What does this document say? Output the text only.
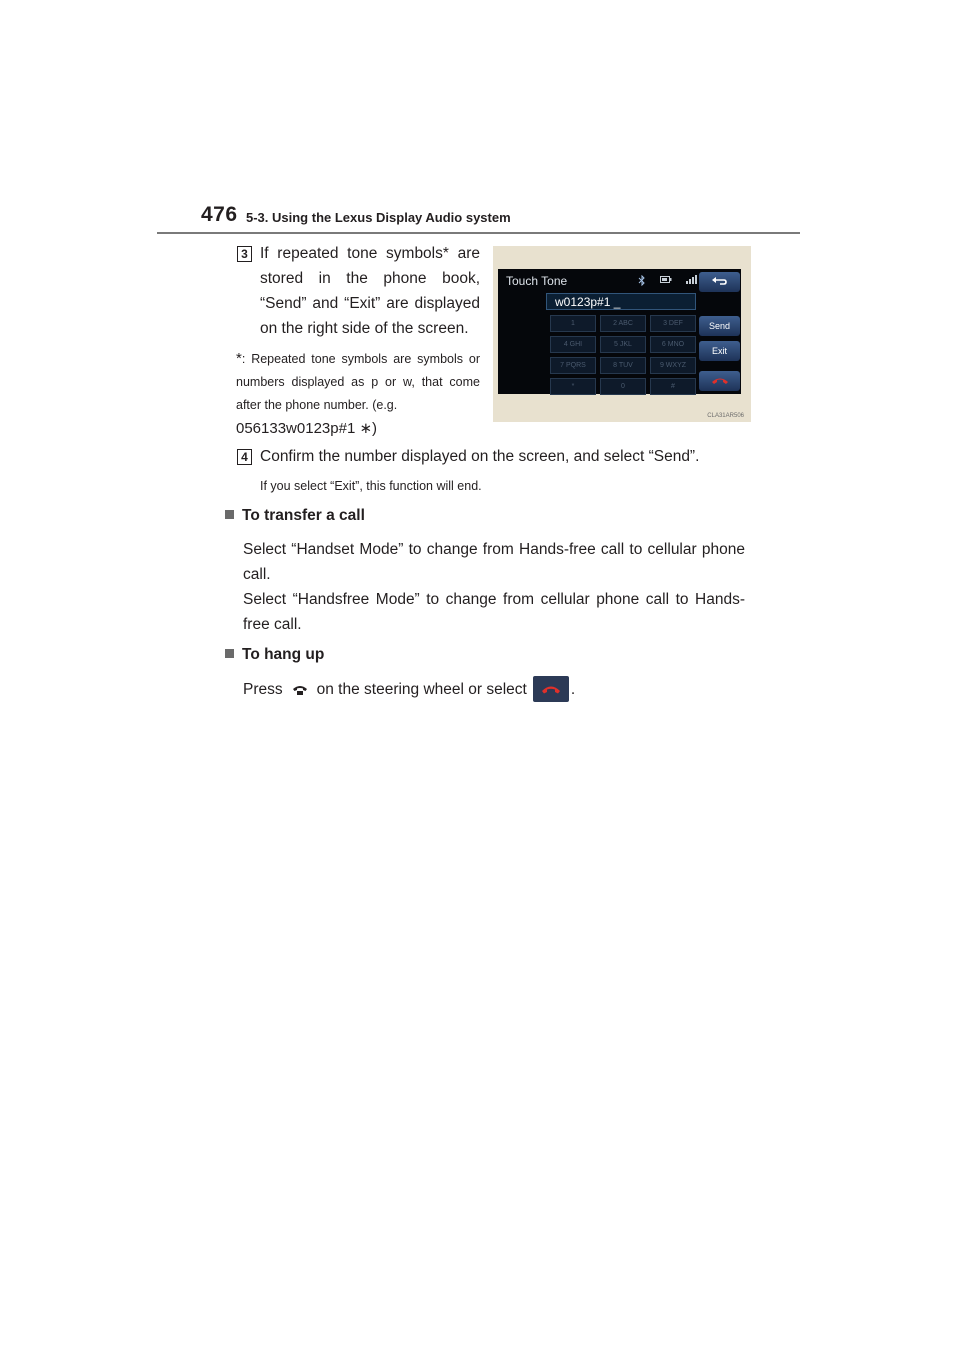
476 5-3. Using the Lexus Display Audio system
3 If repeated tone symbols* are stored in the phone book, “Send” and “Exit” are displayed on the right side of the screen.
*: Repeated tone symbols are symbols or numbers displayed as p or w, that come after the phone number. (e.g.
056133w0123p#1 ∗)
Touch Tone
w0123p#1 _
1	2 ABC	3 DEF
4 GHI	5 JKL	6 MNO
7 PQRS	8 TUV	9 WXYZ
*	0	#
Send
Exit
CLA31AR506
4 Confirm the number displayed on the screen, and select “Send”.
If you select “Exit”, this function will end.
To transfer a call
Select “Handset Mode” to change from Hands-free call to cellular phone call.
Select “Handsfree Mode” to change from cellular phone call to Hands-free call.
To hang up
Press on the steering wheel or select	.
